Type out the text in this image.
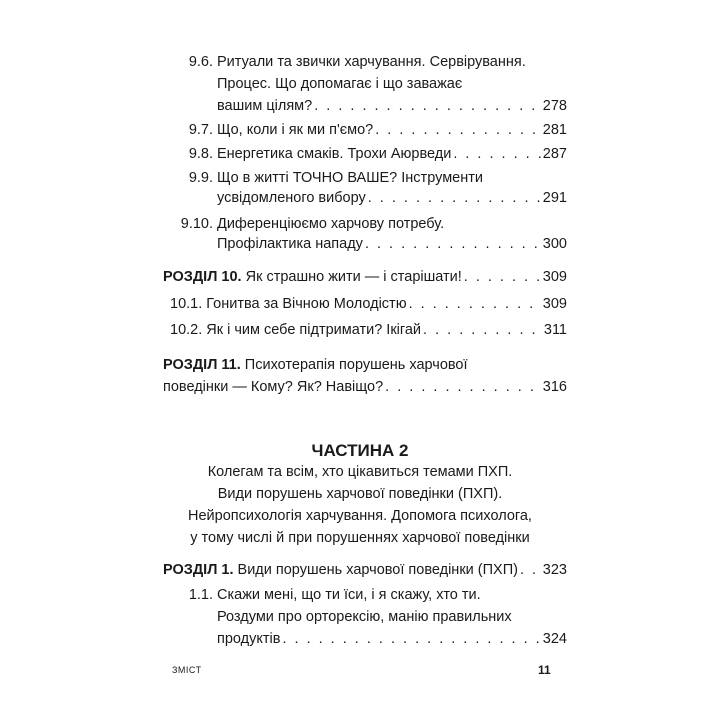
9.6. Ритуали та звички харчування. Сервірування.
Процес. Що допомагає і що заважає
вашим цілям? . . .	278
9.7. Що, коли і як ми п'ємо? . . .	281
9.8. Енергетика смаків. Трохи Аюрведи . . .	287
9.9. Що в житті ТОЧНО ВАШЕ? Інструменти
усвідомленого вибору . . .	291
9.10. Диференціюємо харчову потребу.
Профілактика нападу . . .	300
РОЗДІЛ 10.
Як страшно жити — і старішати! . . .	309
10.1.
Гонитва за Вічною Молодістю . . .	309
10.2.
Як і чим себе підтримати? Ікігай . . .	311
РОЗДІЛ 11. Психотерапія порушень харчової
поведінки — Кому? Як? Навіщо? . . .	316
ЧАСТИНА 2
Колегам та всім, хто цікавиться темами ПХП.
Види порушень харчової поведінки (ПХП).
Нейропсихологія харчування. Допомога психолога,
у тому числі й при порушеннях харчової поведінки
РОЗДІЛ 1.
Види порушень харчової поведінки (ПХП) . . . 323
1.1. Скажи мені, що ти їси, і я скажу, хто ти.
Роздуми про орторексію, манію правильних
продуктів . . .	324
ЗМІСТ	11
